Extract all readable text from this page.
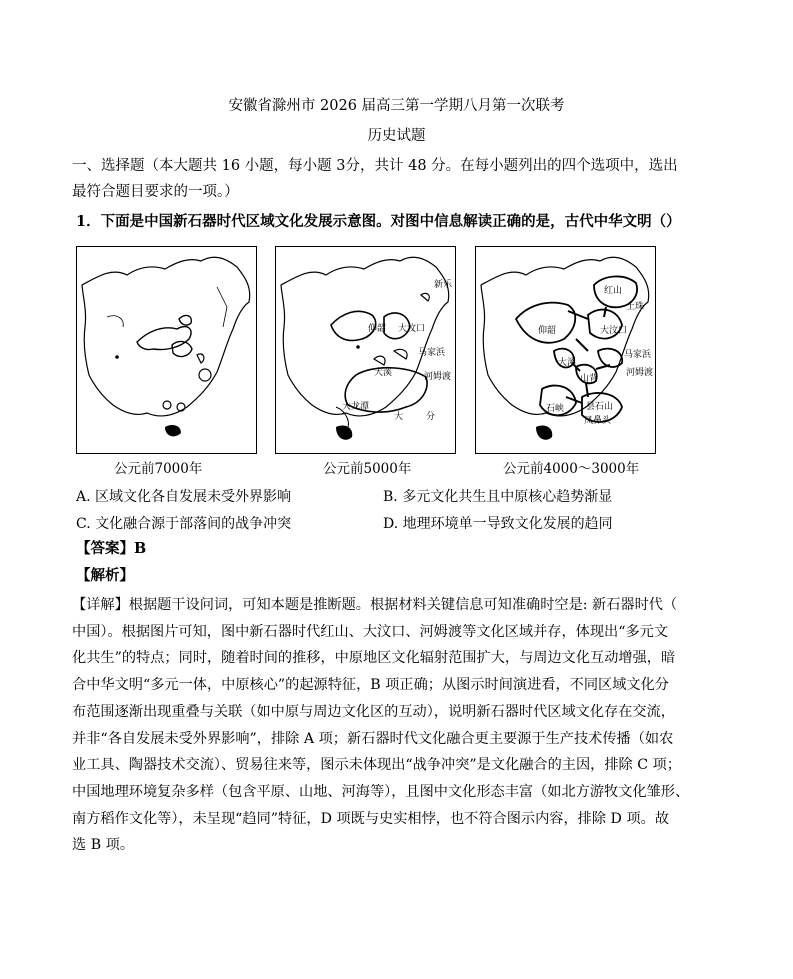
安徽省滁州市 2026 届高三第一学期八月第一次联考
历史试题
一、选择题（本大题共 16 小题，每小题 3分，共计 48 分。在每小题列出的四个选项中，选出
最符合题目要求的一项。）
1．下面是中国新石器时代区域文化发展示意图。对图中信息解读正确的是，古代中华文明（）
公元前7000年
新乐
仰韶 大汶口
马家浜
大溪	河姆渡
大龙潭
大	分
公元前5000年
红山
土珠
仰韶	大汶口
马家浜
大溪
山背
河姆渡
石峡 昙石山
凤鼻头
公元前4000～3000年
A. 区域文化各自发展未受外界影响	B. 多元文化共生且中原核心趋势渐显
C. 文化融合源于部落间的战争冲突	D. 地理环境单一导致文化发展的趋同
【答案】B
【解析】
【详解】根据题干设问词，可知本题是推断题。根据材料关键信息可知准确时空是: 新石器时代（
中国）。根据图片可知，图中新石器时代红山、大汶口、河姆渡等文化区域并存，体现出“多元文
化共生”的特点；同时，随着时间的推移，中原地区文化辐射范围扩大，与周边文化互动增强，暗
合中华文明“多元一体，中原核心”的起源特征，B 项正确；从图示时间演进看，不同区域文化分
布范围逐渐出现重叠与关联（如中原与周边文化区的互动），说明新石器时代区域文化存在交流，
并非“各自发展未受外界影响”，排除 A 项；新石器时代文化融合更主要源于生产技术传播（如农
业工具、陶器技术交流）、贸易往来等，图示未体现出“战争冲突”是文化融合的主因，排除 C 项；
中国地理环境复杂多样（包含平原、山地、河海等），且图中文化形态丰富（如北方游牧文化雏形、
南方稻作文化等），未呈现“趋同”特征，D 项既与史实相悖，也不符合图示内容，排除 D 项。故
选 B 项。
